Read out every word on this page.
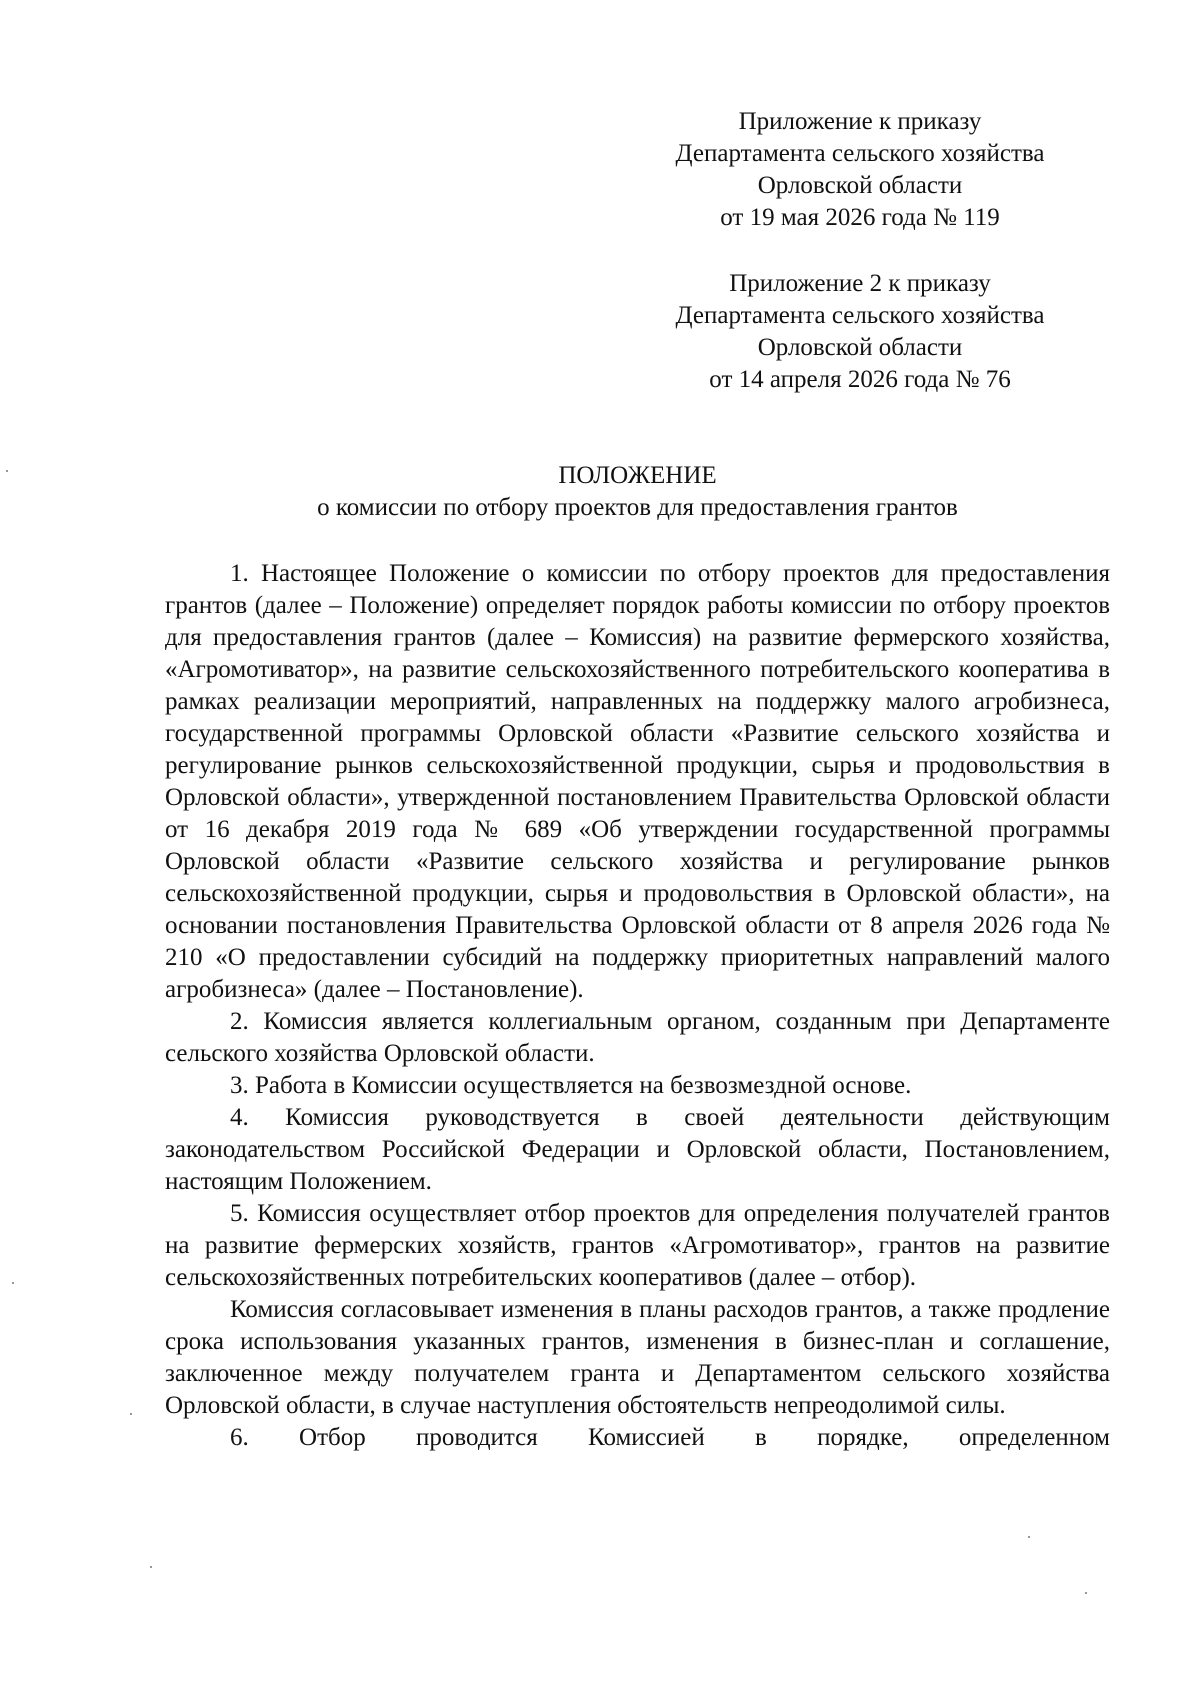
Приложение к приказу
Департамента сельского хозяйства
Орловской области
от 19 мая 2026 года № 119
Приложение 2 к приказу
Департамента сельского хозяйства
Орловской области
от 14 апреля 2026 года № 76
ПОЛОЖЕНИЕ
о комиссии по отбору проектов для предоставления грантов

1. Настоящее Положение о комиссии по отбору проектов для предоставления грантов (далее – Положение) определяет порядок работы комиссии по отбору проектов для предоставления грантов (далее – Комиссия) на развитие фермерского хозяйства, «Агромотиватор», на развитие сельскохозяйственного потребительского кооператива в рамках реализации мероприятий, направленных на поддержку малого агробизнеса, государственной программы Орловской области «Развитие сельского хозяйства и регулирование рынков сельскохозяйственной продукции, сырья и продовольствия в Орловской области», утвержденной постановлением Правительства Орловской области от 16 декабря 2019 года № 689 «Об утверждении государственной программы Орловской области «Развитие сельского хозяйства и регулирование рынков сельскохозяйственной продукции, сырья и продовольствия в Орловской области», на основании постановления Правительства Орловской области от 8 апреля 2026 года № 210 «О предоставлении субсидий на поддержку приоритетных направлений малого агробизнеса» (далее – Постановление).

2. Комиссия является коллегиальным органом, созданным при Департаменте сельского хозяйства Орловской области.

3. Работа в Комиссии осуществляется на безвозмездной основе.

4. Комиссия руководствуется в своей деятельности действующим законодательством Российской Федерации и Орловской области, Постановлением, настоящим Положением.

5. Комиссия осуществляет отбор проектов для определения получателей грантов на развитие фермерских хозяйств, грантов «Агромотиватор», грантов на развитие сельскохозяйственных потребительских кооперативов (далее – отбор).

Комиссия согласовывает изменения в планы расходов грантов, а также продление срока использования указанных грантов, изменения в бизнес-план и соглашение, заключенное между получателем гранта и Департаментом сельского хозяйства Орловской области, в случае наступления обстоятельств непреодолимой силы.

6. Отбор проводится Комиссией в порядке, определенном
